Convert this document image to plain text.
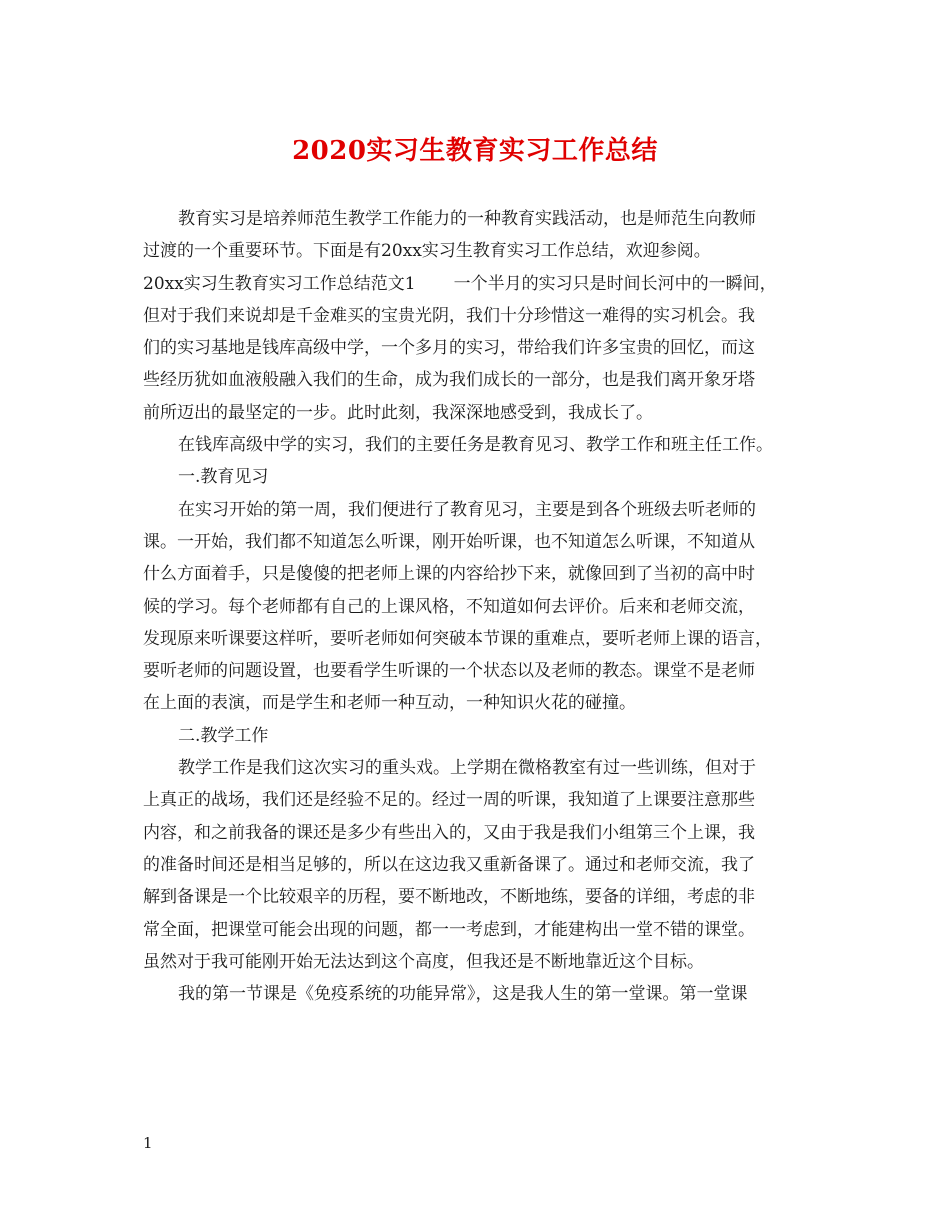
2020实习生教育实习工作总结
教育实习是培养师范生教学工作能力的一种教育实践活动，也是师范生向教师
过渡的一个重要环节。下面是有20xx实习生教育实习工作总结，欢迎参阅。
20xx实习生教育实习工作总结范文1 一个半月的实习只是时间长河中的一瞬间，
但对于我们来说却是千金难买的宝贵光阴，我们十分珍惜这一难得的实习机会。我
们的实习基地是钱库高级中学，一个多月的实习，带给我们许多宝贵的回忆，而这
些经历犹如血液般融入我们的生命，成为我们成长的一部分，也是我们离开象牙塔
前所迈出的最坚定的一步。此时此刻，我深深地感受到，我成长了。
在钱库高级中学的实习，我们的主要任务是教育见习、教学工作和班主任工作。
一.教育见习
在实习开始的第一周，我们便进行了教育见习，主要是到各个班级去听老师的
课。一开始，我们都不知道怎么听课，刚开始听课，也不知道怎么听课，不知道从
什么方面着手，只是傻傻的把老师上课的内容给抄下来，就像回到了当初的高中时
候的学习。每个老师都有自己的上课风格，不知道如何去评价。后来和老师交流，
发现原来听课要这样听，要听老师如何突破本节课的重难点，要听老师上课的语言，
要听老师的问题设置，也要看学生听课的一个状态以及老师的教态。课堂不是老师
在上面的表演，而是学生和老师一种互动，一种知识火花的碰撞。
二.教学工作
教学工作是我们这次实习的重头戏。上学期在微格教室有过一些训练，但对于
上真正的战场，我们还是经验不足的。经过一周的听课，我知道了上课要注意那些
内容，和之前我备的课还是多少有些出入的，又由于我是我们小组第三个上课，我
的准备时间还是相当足够的，所以在这边我又重新备课了。通过和老师交流，我了
解到备课是一个比较艰辛的历程，要不断地改，不断地练，要备的详细，考虑的非
常全面，把课堂可能会出现的问题，都一一考虑到，才能建构出一堂不错的课堂。
虽然对于我可能刚开始无法达到这个高度，但我还是不断地靠近这个目标。
我的第一节课是《免疫系统的功能异常》，这是我人生的第一堂课。第一堂课
1
